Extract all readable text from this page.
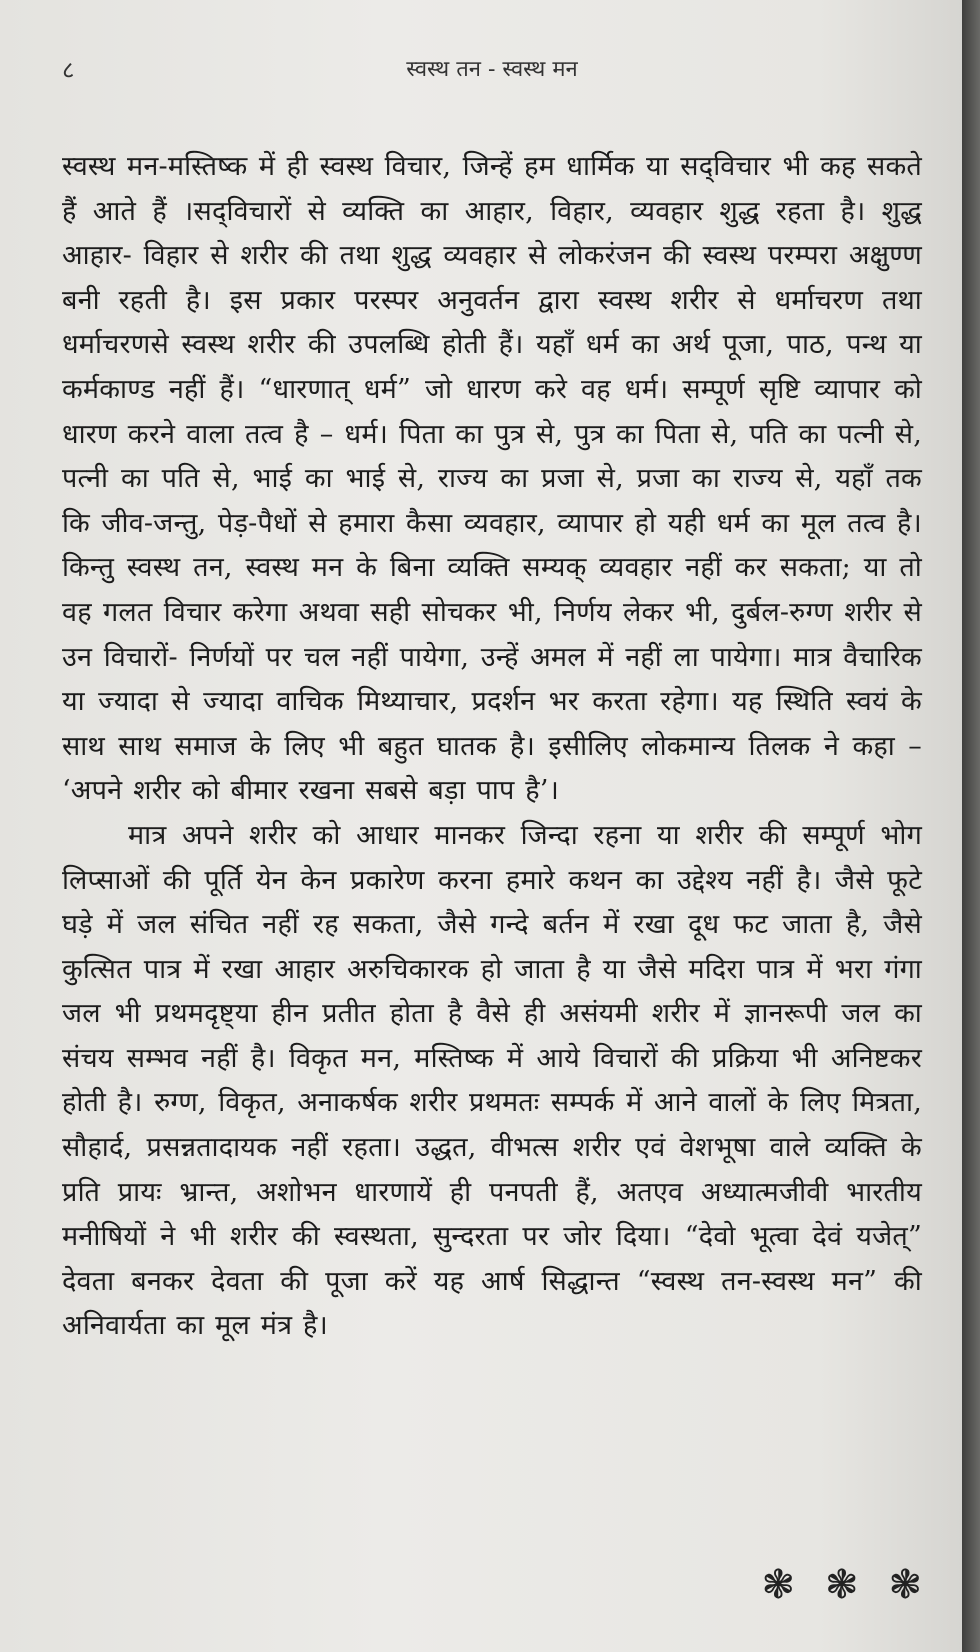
८	स्वस्थ तन - स्वस्थ मन

स्वस्थ मन-मस्तिष्क में ही स्वस्थ विचार, जिन्हें हम धार्मिक या सद्‌विचार भी कह सकते हैं आते हैं ।सद्‌विचारों से व्यक्ति का आहार, विहार, व्यवहार शुद्ध रहता है। शुद्ध आहार- विहार से शरीर की तथा शुद्ध व्यवहार से लोकरंजन की स्वस्थ परम्परा अक्षुण्ण बनी रहती है। इस प्रकार परस्पर अनुवर्तन द्वारा स्वस्थ शरीर से धर्माचरण तथा धर्माचरणसे स्वस्थ शरीर की उपलब्धि होती हैं। यहाँ धर्म का अर्थ पूजा, पाठ, पन्थ या कर्मकाण्ड नहीं हैं। “धारणात् धर्म” जो धारण करे वह धर्म। सम्पूर्ण सृष्टि व्यापार को धारण करने वाला तत्व है – धर्म। पिता का पुत्र से, पुत्र का पिता से, पति का पत्नी से, पत्नी का पति से, भाई का भाई से, राज्य का प्रजा से, प्रजा का राज्य से, यहाँ तक कि जीव-जन्तु, पेड़-पैधों से हमारा कैसा व्यवहार, व्यापार हो यही धर्म का मूल तत्व है। किन्तु स्वस्थ तन, स्वस्थ मन के बिना व्यक्ति सम्यक् व्यवहार नहीं कर सकता; या तो वह गलत विचार करेगा अथवा सही सोचकर भी, निर्णय लेकर भी, दुर्बल-रुग्ण शरीर से उन विचारों- निर्णयों पर चल नहीं पायेगा, उन्हें अमल में नहीं ला पायेगा। मात्र वैचारिक या ज्यादा से ज्यादा वाचिक मिथ्याचार, प्रदर्शन भर करता रहेगा। यह स्थिति स्वयं के साथ साथ समाज के लिए भी बहुत घातक है। इसीलिए लोकमान्य तिलक ने कहा – ‘अपने शरीर को बीमार रखना सबसे बड़ा पाप है’।

मात्र अपने शरीर को आधार मानकर जिन्दा रहना या शरीर की सम्पूर्ण भोग लिप्साओं की पूर्ति येन केन प्रकारेण करना हमारे कथन का उद्देश्य नहीं है। जैसे फूटे घड़े में जल संचित नहीं रह सकता, जैसे गन्दे बर्तन में रखा दूध फट जाता है, जैसे कुत्सित पात्र में रखा आहार अरुचिकारक हो जाता है या जैसे मदिरा पात्र में भरा गंगा जल भी प्रथमदृष्ट्या हीन प्रतीत होता है वैसे ही असंयमी शरीर में ज्ञानरूपी जल का संचय सम्भव नहीं है। विकृत मन, मस्तिष्क में आये विचारों की प्रक्रिया भी अनिष्टकर होती है। रुग्ण, विकृत, अनाकर्षक शरीर प्रथमतः सम्पर्क में आने वालों के लिए मित्रता, सौहार्द, प्रसन्नतादायक नहीं रहता। उद्धत, वीभत्स शरीर एवं वेशभूषा वाले व्यक्ति के प्रति प्रायः भ्रान्त, अशोभन धारणायें ही पनपती हैं, अतएव अध्यात्मजीवी भारतीय मनीषियों ने भी शरीर की स्वस्थता, सुन्दरता पर जोर दिया। “देवो भूत्वा देवं यजेत्” देवता बनकर देवता की पूजा करें यह आर्ष सिद्धान्त “स्वस्थ तन-स्वस्थ मन” की अनिवार्यता का मूल मंत्र है।

❃ ❃ ❃
